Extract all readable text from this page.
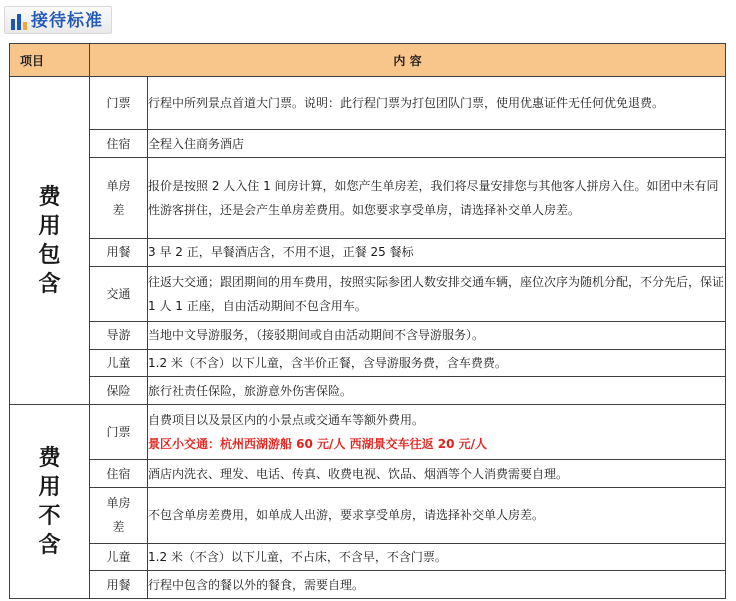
接待标准
项目	内 容	
费用包含	门票	行程中所列景点首道大门票。说明：此行程门票为打包团队门票，使用优惠证件无任何优免退费。
	住宿	全程入住商务酒店
	单房差	报价是按照 2 人入住 1 间房计算，如您产生单房差，我们将尽量安排您与其他客人拼房入住。如团中未有同性游客拼住，还是会产生单房差费用。如您要求享受单房，请选择补交单人房差。
	用餐	3 早 2 正，早餐酒店含，不用不退，正餐 25 餐标
	交通	往返大交通；跟团期间的用车费用，按照实际参团人数安排交通车辆，座位次序为随机分配，不分先后，保证 1 人 1 正座，自由活动期间不包含用车。
	导游	当地中文导游服务，（接驳期间或自由活动期间不含导游服务）。
	儿童	1.2 米（不含）以下儿童，含半价正餐，含导游服务费，含车费费。
	保险	旅行社责任保险，旅游意外伤害保险。
费用不含	门票	自费项目以及景区内的小景点或交通车等额外费用。
景区小交通：杭州西湖游船 60 元/人 西湖景交车往返 20 元/人

	住宿	酒店内洗衣、理发、电话、传真、收费电视、饮品、烟酒等个人消费需要自理。
	单房差	不包含单房差费用，如单成人出游，要求享受单房，请选择补交单人房差。
	儿童	1.2 米（不含）以下儿童，不占床，不含早，不含门票。
	用餐	行程中包含的餐以外的餐食，需要自理。
